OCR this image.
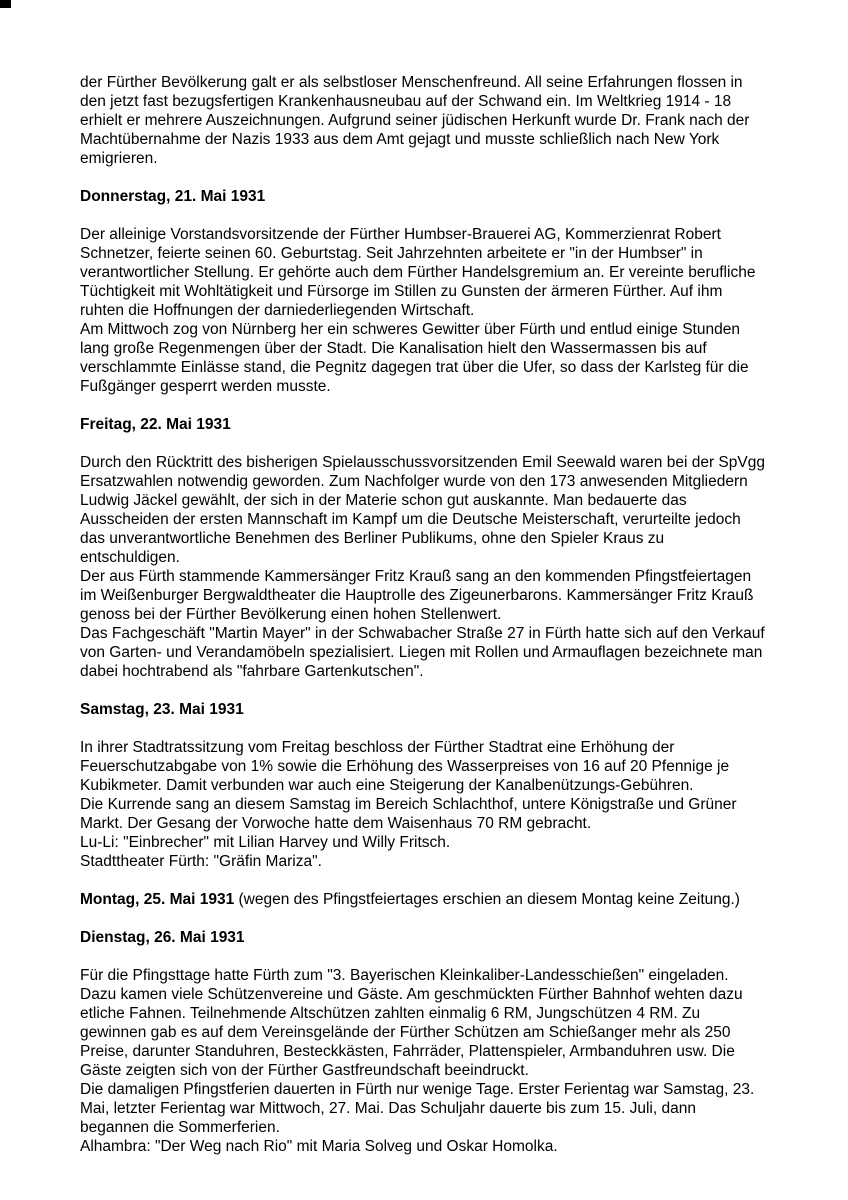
der Fürther Bevölkerung galt er als selbstloser Menschenfreund. All seine Erfahrungen flossen in den jetzt fast bezugsfertigen Krankenhausneubau auf der Schwand ein. Im Weltkrieg 1914 - 18 erhielt er mehrere Auszeichnungen. Aufgrund seiner jüdischen Herkunft wurde Dr. Frank nach der Machtübernahme der Nazis 1933 aus dem Amt gejagt und musste schließlich nach New York emigrieren.

Donnerstag, 21. Mai 1931

Der alleinige Vorstandsvorsitzende der Fürther Humbser-Brauerei AG, Kommerzienrat Robert Schnetzer, feierte seinen 60. Geburtstag. Seit Jahrzehnten arbeitete er "in der Humbser" in verantwortlicher Stellung. Er gehörte auch dem Fürther Handelsgremium an. Er vereinte berufliche Tüchtigkeit mit Wohltätigkeit und Fürsorge im Stillen zu Gunsten der ärmeren Fürther. Auf ihm ruhten die Hoffnungen der darniederliegenden Wirtschaft.

Am Mittwoch zog von Nürnberg her ein schweres Gewitter über Fürth und entlud einige Stunden lang große Regenmengen über der Stadt. Die Kanalisation hielt den Wassermassen bis auf verschlammte Einlässe stand, die Pegnitz dagegen trat über die Ufer, so dass der Karlsteg für die Fußgänger gesperrt werden musste.

Freitag, 22. Mai 1931

Durch den Rücktritt des bisherigen Spielausschussvorsitzenden Emil Seewald waren bei der SpVgg Ersatzwahlen notwendig geworden. Zum Nachfolger wurde von den 173 anwesenden Mitgliedern Ludwig Jäckel gewählt, der sich in der Materie schon gut auskannte. Man bedauerte das Ausscheiden der ersten Mannschaft im Kampf um die Deutsche Meisterschaft, verurteilte jedoch das unverantwortliche Benehmen des Berliner Publikums, ohne den Spieler Kraus zu entschuldigen.

Der aus Fürth stammende Kammersänger Fritz Krauß sang an den kommenden Pfingstfeiertagen im Weißenburger Bergwaldtheater die Hauptrolle des Zigeunerbarons. Kammersänger Fritz Krauß genoss bei der Fürther Bevölkerung einen hohen Stellenwert.

Das Fachgeschäft "Martin Mayer" in der Schwabacher Straße 27 in Fürth hatte sich auf den Verkauf von Garten- und Verandamöbeln spezialisiert. Liegen mit Rollen und Armauflagen bezeichnete man dabei hochtrabend als "fahrbare Gartenkutschen".

Samstag, 23. Mai 1931

In ihrer Stadtratssitzung vom Freitag beschloss der Fürther Stadtrat eine Erhöhung der Feuerschutzabgabe von 1% sowie die Erhöhung des Wasserpreises von 16 auf 20 Pfennige je Kubikmeter. Damit verbunden war auch eine Steigerung der Kanalbenützungs-Gebühren.

Die Kurrende sang an diesem Samstag im Bereich Schlachthof, untere Königstraße und Grüner Markt. Der Gesang der Vorwoche hatte dem Waisenhaus 70 RM gebracht.

Lu-Li: "Einbrecher" mit Lilian Harvey und Willy Fritsch.

Stadttheater Fürth: "Gräfin Mariza".

Montag, 25. Mai 1931 (wegen des Pfingstfeiertages erschien an diesem Montag keine Zeitung.)
Dienstag, 26. Mai 1931

Für die Pfingsttage hatte Fürth zum "3. Bayerischen Kleinkaliber-Landesschießen" eingeladen. Dazu kamen viele Schützenvereine und Gäste. Am geschmückten Fürther Bahnhof wehten dazu etliche Fahnen. Teilnehmende Altschützen zahlten einmalig 6 RM, Jungschützen 4 RM. Zu gewinnen gab es auf dem Vereinsgelände der Fürther Schützen am Schießanger mehr als 250 Preise, darunter Standuhren, Besteckkästen, Fahrräder, Plattenspieler, Armbanduhren usw. Die Gäste zeigten sich von der Fürther Gastfreundschaft beeindruckt.

Die damaligen Pfingstferien dauerten in Fürth nur wenige Tage. Erster Ferientag war Samstag, 23. Mai, letzter Ferientag war Mittwoch, 27. Mai. Das Schuljahr dauerte bis zum 15. Juli, dann begannen die Sommerferien.

Alhambra: "Der Weg nach Rio" mit Maria Solveg und Oskar Homolka.
